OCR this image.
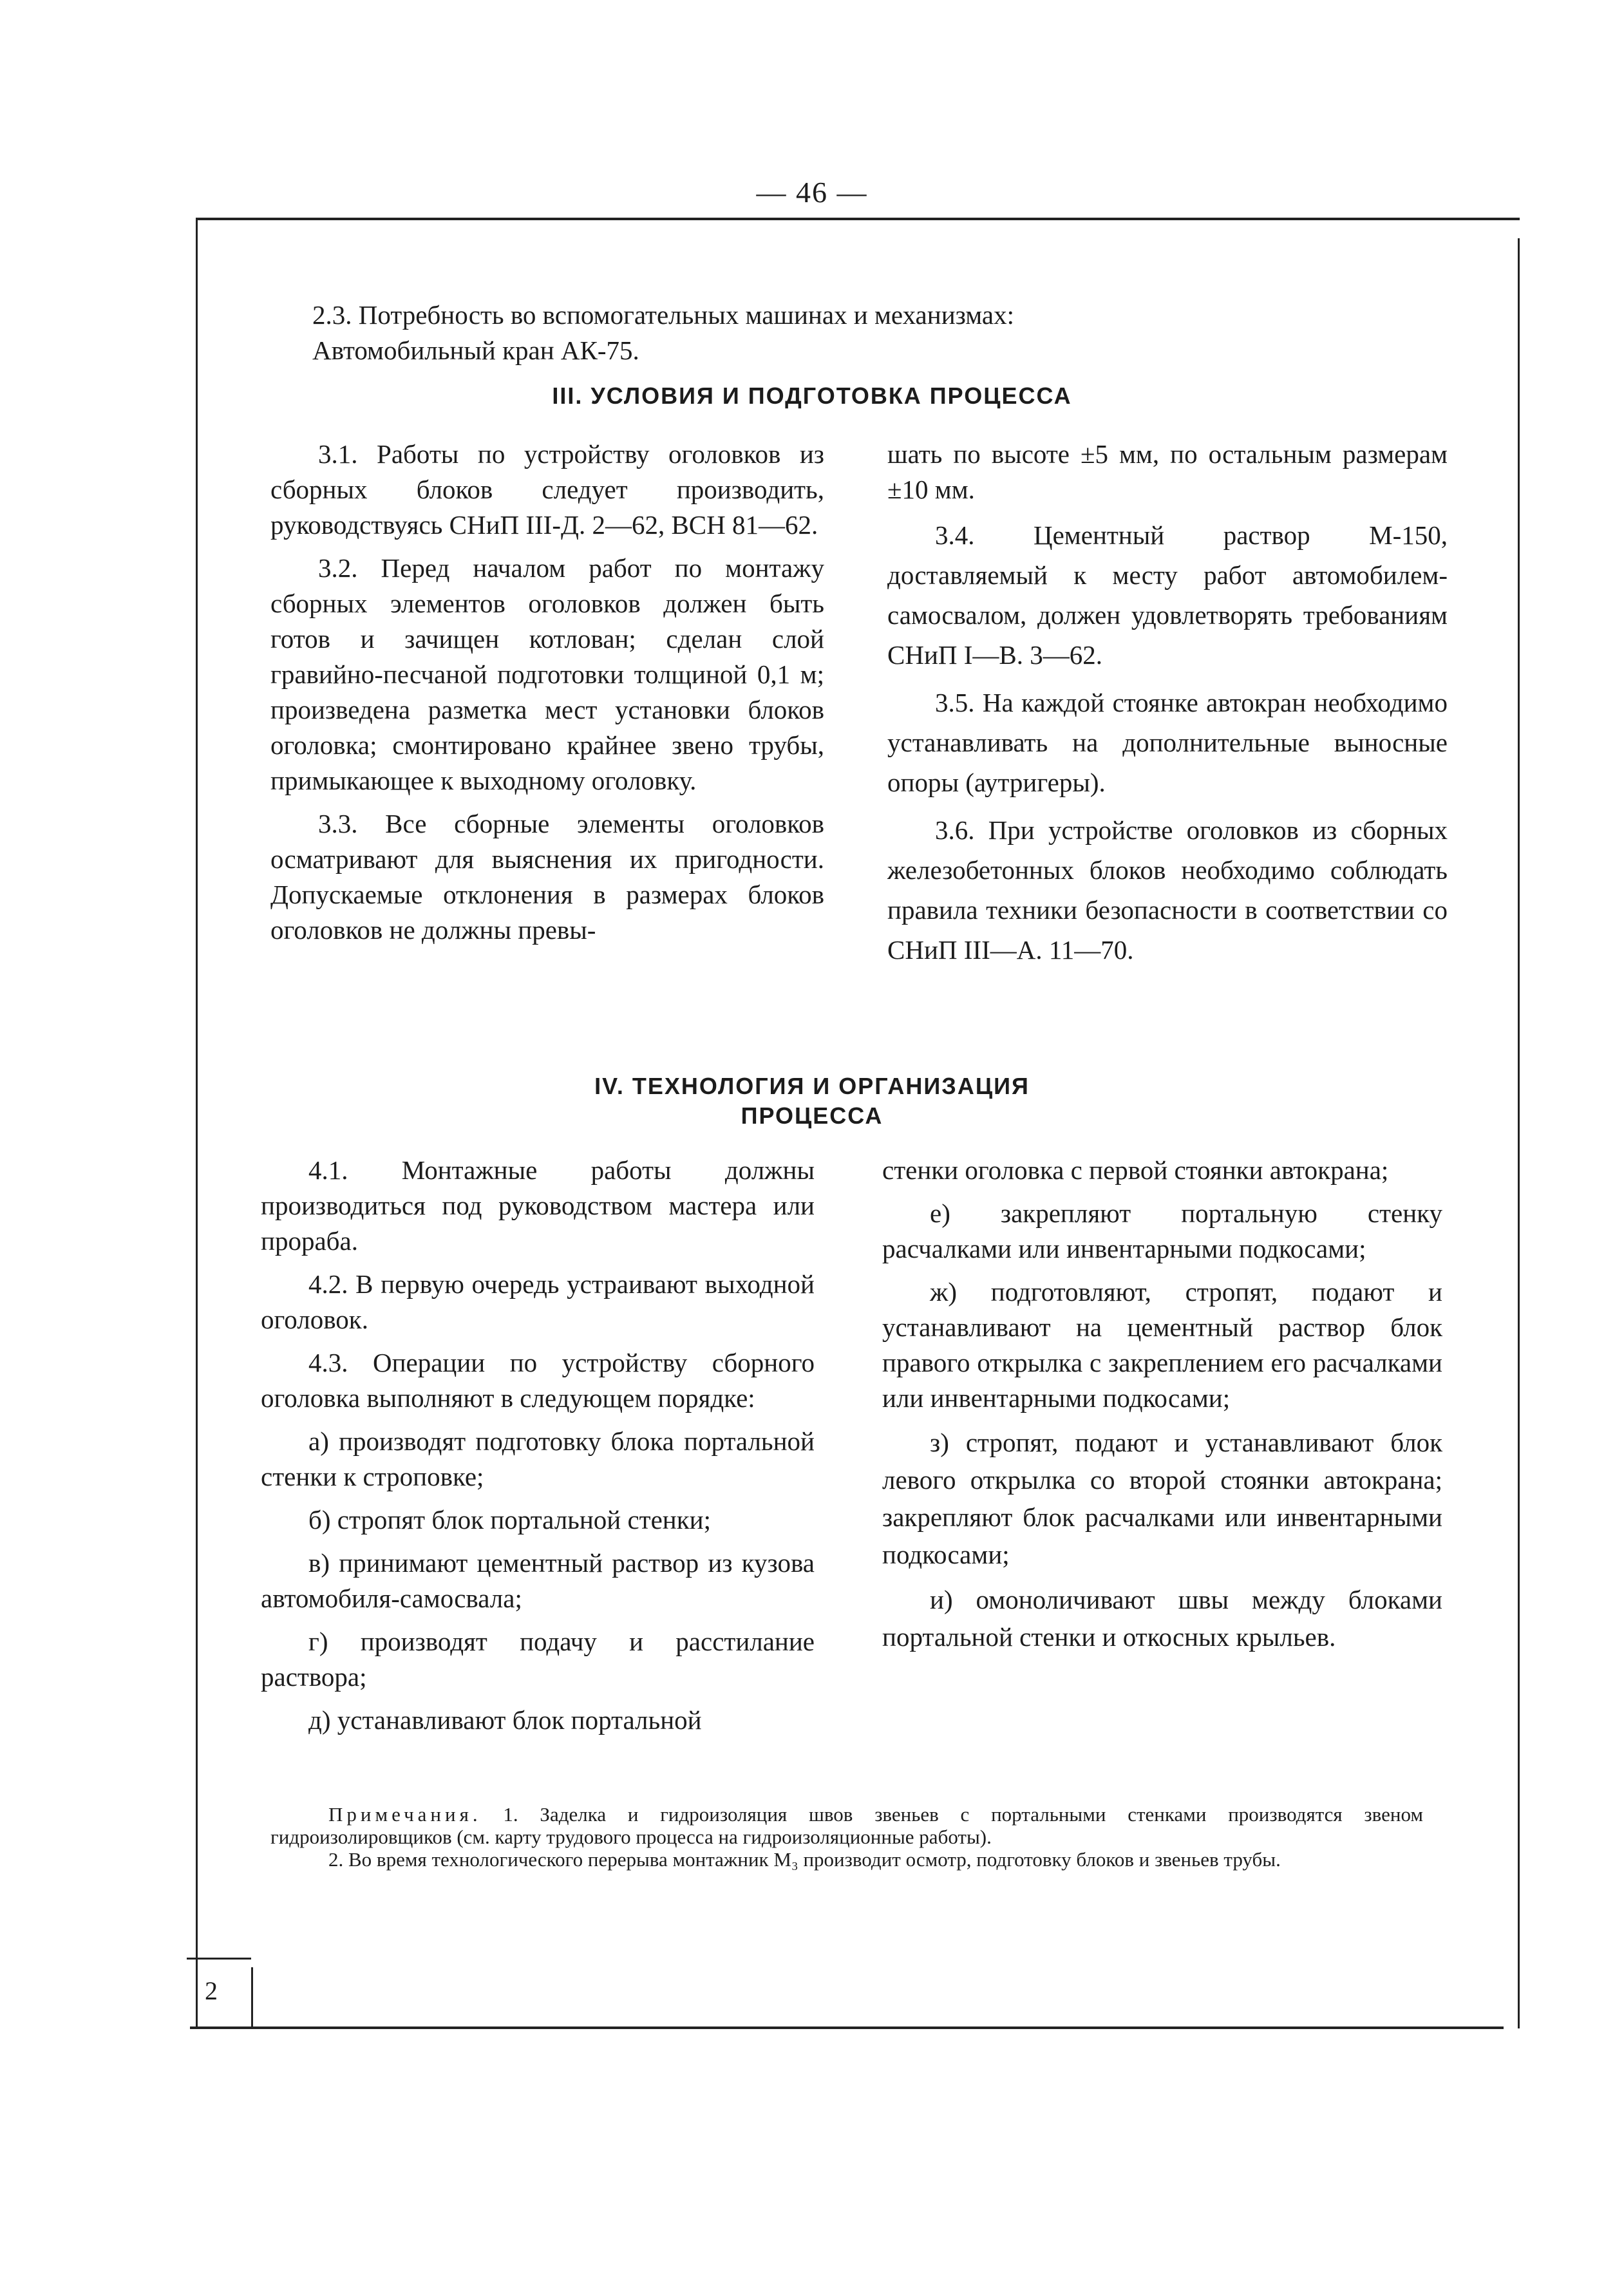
— 46 —
2

2.3. Потребность во вспомогательных машинах и механизмах:

Автомобильный кран АК-75.

III. УСЛОВИЯ И ПОДГОТОВКА ПРОЦЕССА

3.1. Работы по устройству оголовков из сборных блоков следует производить, руководствуясь СНиП III-Д. 2—62, ВСН 81—62.

3.2. Перед началом работ по монтажу сборных элементов оголовков должен быть готов и зачищен котлован; сделан слой гравийно-песчаной подготовки толщиной 0,1 м; произведена разметка мест установки блоков оголовка; смонтировано крайнее звено трубы, примыкающее к выходному оголовку.

3.3. Все сборные элементы оголовков осматривают для выяснения их пригодности. Допускаемые отклонения в размерах блоков оголовков не должны превы-

шать по высоте ±5 мм, по остальным размерам ±10 мм.

3.4. Цементный раствор М-150, доставляемый к месту работ автомобилем-самосвалом, должен удовлетворять требованиям СНиП I—В. 3—62.

3.5. На каждой стоянке автокран необходимо устанавливать на дополнительные выносные опоры (аутригеры).

3.6. При устройстве оголовков из сборных железобетонных блоков необходимо соблюдать правила техники безопасности в соответствии со СНиП III—А. 11—70.

IV. ТЕХНОЛОГИЯ И ОРГАНИЗАЦИЯ
ПРОЦЕССА

4.1. Монтажные работы должны производиться под руководством мастера или прораба.

4.2. В первую очередь устраивают выходной оголовок.

4.3. Операции по устройству сборного оголовка выполняют в следующем порядке:

а) производят подготовку блока портальной стенки к строповке;

б) стропят блок портальной стенки;

в) принимают цементный раствор из кузова автомобиля-самосвала;

г) производят подачу и расстилание раствора;

д) устанавливают блок портальной

стенки оголовка с первой стоянки автокрана;

е) закрепляют портальную стенку расчалками или инвентарными подкосами;

ж) подготовляют, стропят, подают и устанавливают на цементный раствор блок правого открылка с закреплением его расчалками или инвентарными подкосами;

з) стропят, подают и устанавливают блок левого открылка со второй стоянки автокрана; закрепляют блок расчалками или инвентарными подкосами;

и) омоноличивают швы между блоками портальной стенки и откосных крыльев.

Примечания. 1. Заделка и гидроизоляция швов звеньев с портальными стенками производятся звеном гидроизолировщиков (см. карту трудового процесса на гидроизоляционные работы).

2. Во время технологического перерыва монтажник М₃ производит осмотр, подготовку блоков и звеньев трубы.
